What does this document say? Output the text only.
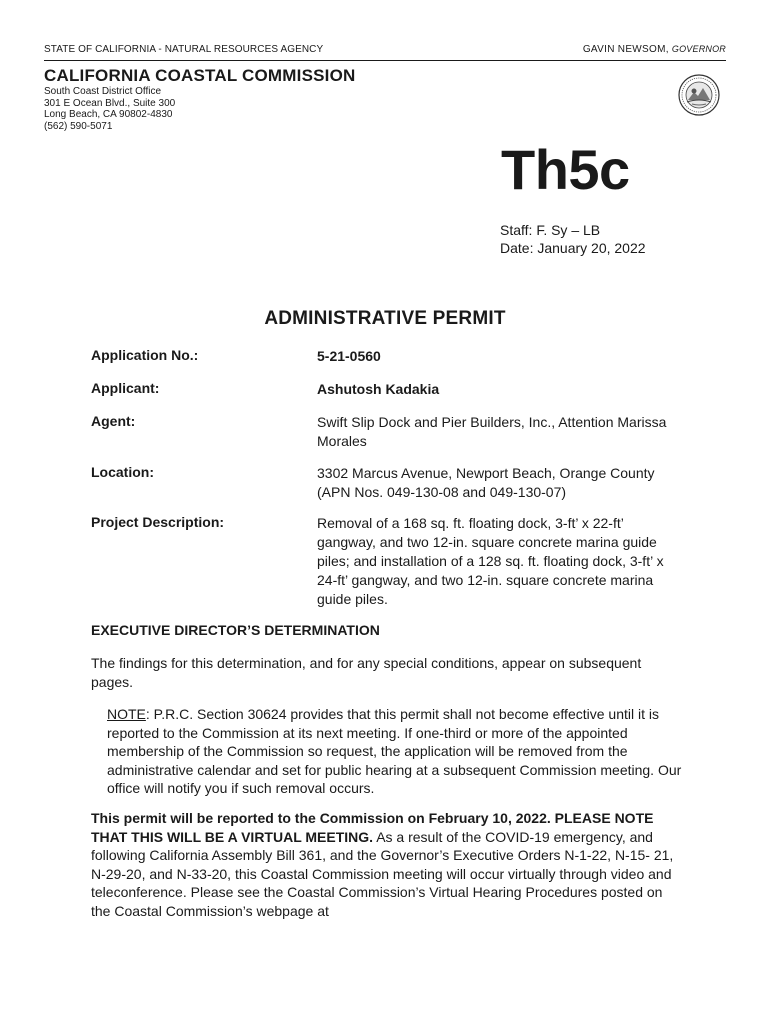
STATE OF CALIFORNIA - NATURAL RESOURCES AGENCY	GAVIN NEWSOM, GOVERNOR
CALIFORNIA COASTAL COMMISSION
South Coast District Office
301 E Ocean Blvd., Suite 300
Long Beach, CA 90802-4830
(562) 590-5071
Th5c
Staff: F. Sy – LB
Date: January 20, 2022
ADMINISTRATIVE PERMIT
Application No.:	5-21-0560
Applicant:	Ashutosh Kadakia
Agent:	Swift Slip Dock and Pier Builders, Inc., Attention Marissa Morales
Location:	3302 Marcus Avenue, Newport Beach, Orange County (APN Nos. 049-130-08 and 049-130-07)
Project Description:	Removal of a 168 sq. ft. floating dock, 3-ft’ x 22-ft’ gangway, and two 12-in. square concrete marina guide piles; and installation of a 128 sq. ft. floating dock, 3-ft’ x 24-ft’ gangway, and two 12-in. square concrete marina guide piles.
EXECUTIVE DIRECTOR’S DETERMINATION
The findings for this determination, and for any special conditions, appear on subsequent pages.
NOTE: P.R.C. Section 30624 provides that this permit shall not become effective until it is reported to the Commission at its next meeting. If one-third or more of the appointed membership of the Commission so request, the application will be removed from the administrative calendar and set for public hearing at a subsequent Commission meeting. Our office will notify you if such removal occurs.
This permit will be reported to the Commission on February 10, 2022. PLEASE NOTE THAT THIS WILL BE A VIRTUAL MEETING. As a result of the COVID-19 emergency, and following California Assembly Bill 361, and the Governor’s Executive Orders N-1-22, N-15- 21, N-29-20, and N-33-20, this Coastal Commission meeting will occur virtually through video and teleconference. Please see the Coastal Commission’s Virtual Hearing Procedures posted on the Coastal Commission’s webpage at
